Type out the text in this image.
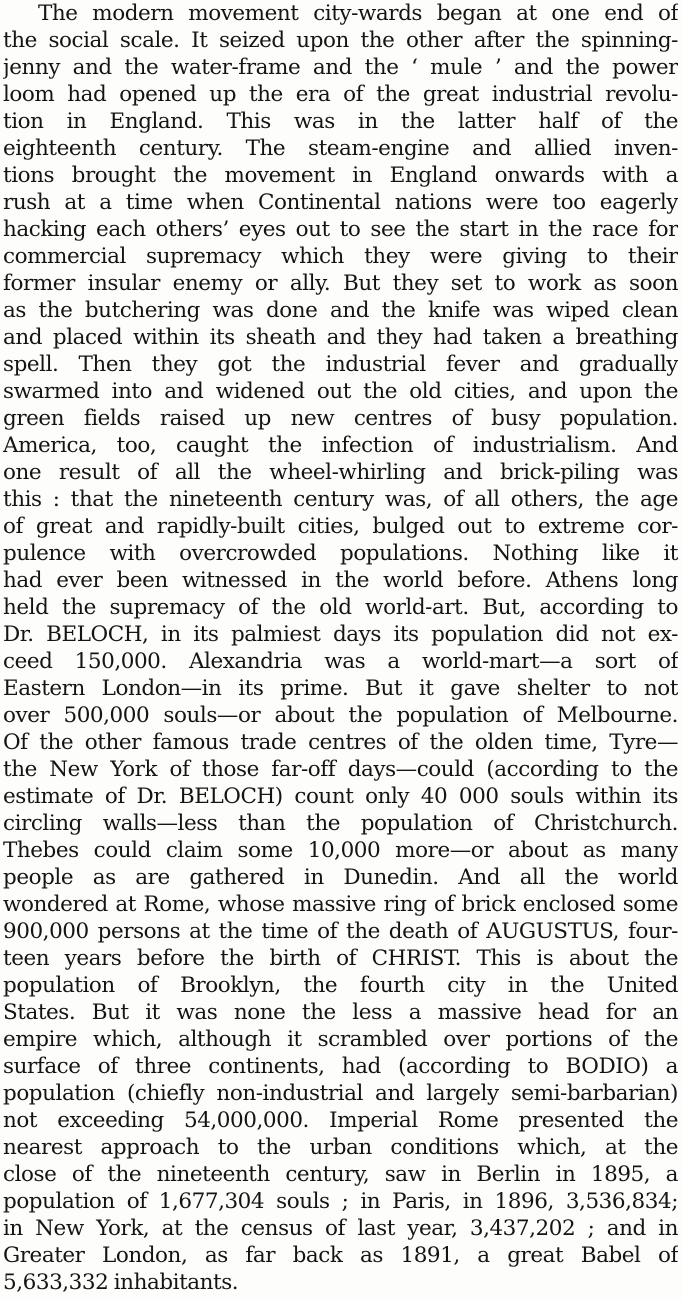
The modern movement city-wards began at one end of
the social scale. It seized upon the other after the spinning-
jenny and the water-frame and the ‘ mule ’ and the power
loom had opened up the era of the great industrial revolu-
tion in England. This was in the latter half of the
eighteenth century. The steam-engine and allied inven-
tions brought the movement in England onwards with a
rush at a time when Continental nations were too eagerly
hacking each others’ eyes out to see the start in the race for
commercial supremacy which they were giving to their
former insular enemy or ally. But they set to work as soon
as the butchering was done and the knife was wiped clean
and placed within its sheath and they had taken a breathing
spell. Then they got the industrial fever and gradually
swarmed into and widened out the old cities, and upon the
green fields raised up new centres of busy population.
America, too, caught the infection of industrialism. And
one result of all the wheel-whirling and brick-piling was
this : that the nineteenth century was, of all others, the age
of great and rapidly-built cities, bulged out to extreme cor-
pulence with overcrowded populations. Nothing like it
had ever been witnessed in the world before. Athens long
held the supremacy of the old world-art. But, according to
Dr. BELOCH, in its palmiest days its population did not ex-
ceed 150,000. Alexandria was a world-mart—a sort of
Eastern London—in its prime. But it gave shelter to not
over 500,000 souls—or about the population of Melbourne.
Of the other famous trade centres of the olden time, Tyre—
the New York of those far-off days—could (according to the
estimate of Dr. BELOCH) count only 40 000 souls within its
circling walls—less than the population of Christchurch.
Thebes could claim some 10,000 more—or about as many
people as are gathered in Dunedin. And all the world
wondered at Rome, whose massive ring of brick enclosed some
900,000 persons at the time of the death of AUGUSTUS, four-
teen years before the birth of CHRIST. This is about the
population of Brooklyn, the fourth city in the United
States. But it was none the less a massive head for an
empire which, although it scrambled over portions of the
surface of three continents, had (according to BODIO) a
population (chiefly non-industrial and largely semi-barbarian)
not exceeding 54,000,000. Imperial Rome presented the
nearest approach to the urban conditions which, at the
close of the nineteenth century, saw in Berlin in 1895, a
population of 1,677,304 souls ; in Paris, in 1896, 3,536,834;
in New York, at the census of last year, 3,437,202 ; and in
Greater London, as far back as 1891, a great Babel of
5,633,332 inhabitants.
